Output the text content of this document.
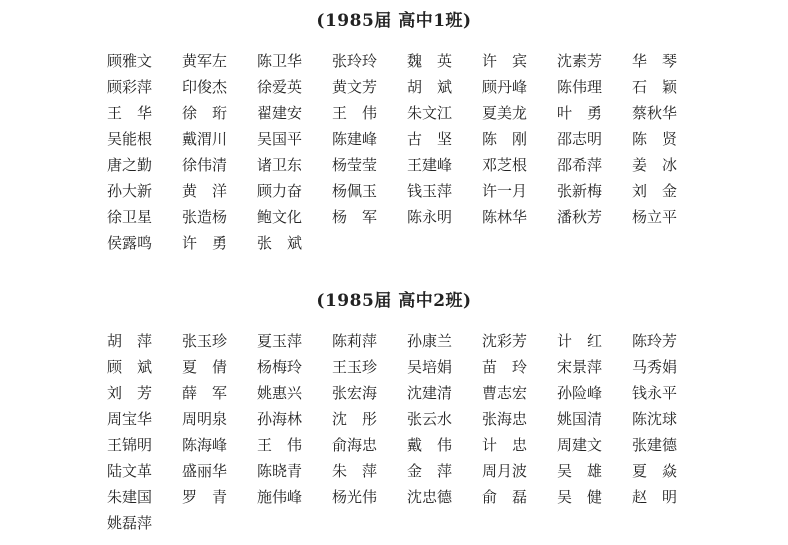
(1985届 高中1班)
顾雅文 黄军左 陈卫华 张玲玲 魏 英 许 宾 沈素芳 华 琴
顾彩萍 印俊杰 徐爱英 黄文芳 胡 斌 顾丹峰 陈伟理 石 颖
王 华 徐 珩 翟建安 王 伟 朱文江 夏美龙 叶 勇 蔡秋华
吴能根 戴渭川 吴国平 陈建峰 古 坚 陈 刚 邵志明 陈 贤
唐之勤 徐伟清 诸卫东 杨莹莹 王建峰 邓芝根 邵希萍 姜 冰
孙大新 黄 洋 顾力奋 杨佩玉 钱玉萍 许一月 张新梅 刘 金
徐卫星 张造杨 鲍文化 杨 军 陈永明 陈林华 潘秋芳 杨立平
侯露鸣 许 勇 张 斌
(1985届 高中2班)
胡 萍 张玉珍 夏玉萍 陈莉萍 孙康兰 沈彩芳 计 红 陈玲芳
顾 斌 夏 倩 杨梅玲 王玉珍 吴培娟 苗 玲 宋景萍 马秀娟
刘 芳 薛 军 姚惠兴 张宏海 沈建清 曹志宏 孙险峰 钱永平
周宝华 周明泉 孙海林 沈 彤 张云水 张海忠 姚国清 陈沈球
王锦明 陈海峰 王 伟 俞海忠 戴 伟 计 忠 周建文 张建德
陆文革 盛丽华 陈晓青 朱 萍 金 萍 周月波 吴 雄 夏 焱
朱建国 罗 青 施伟峰 杨光伟 沈忠德 俞 磊 吴 健 赵 明
姚磊萍
